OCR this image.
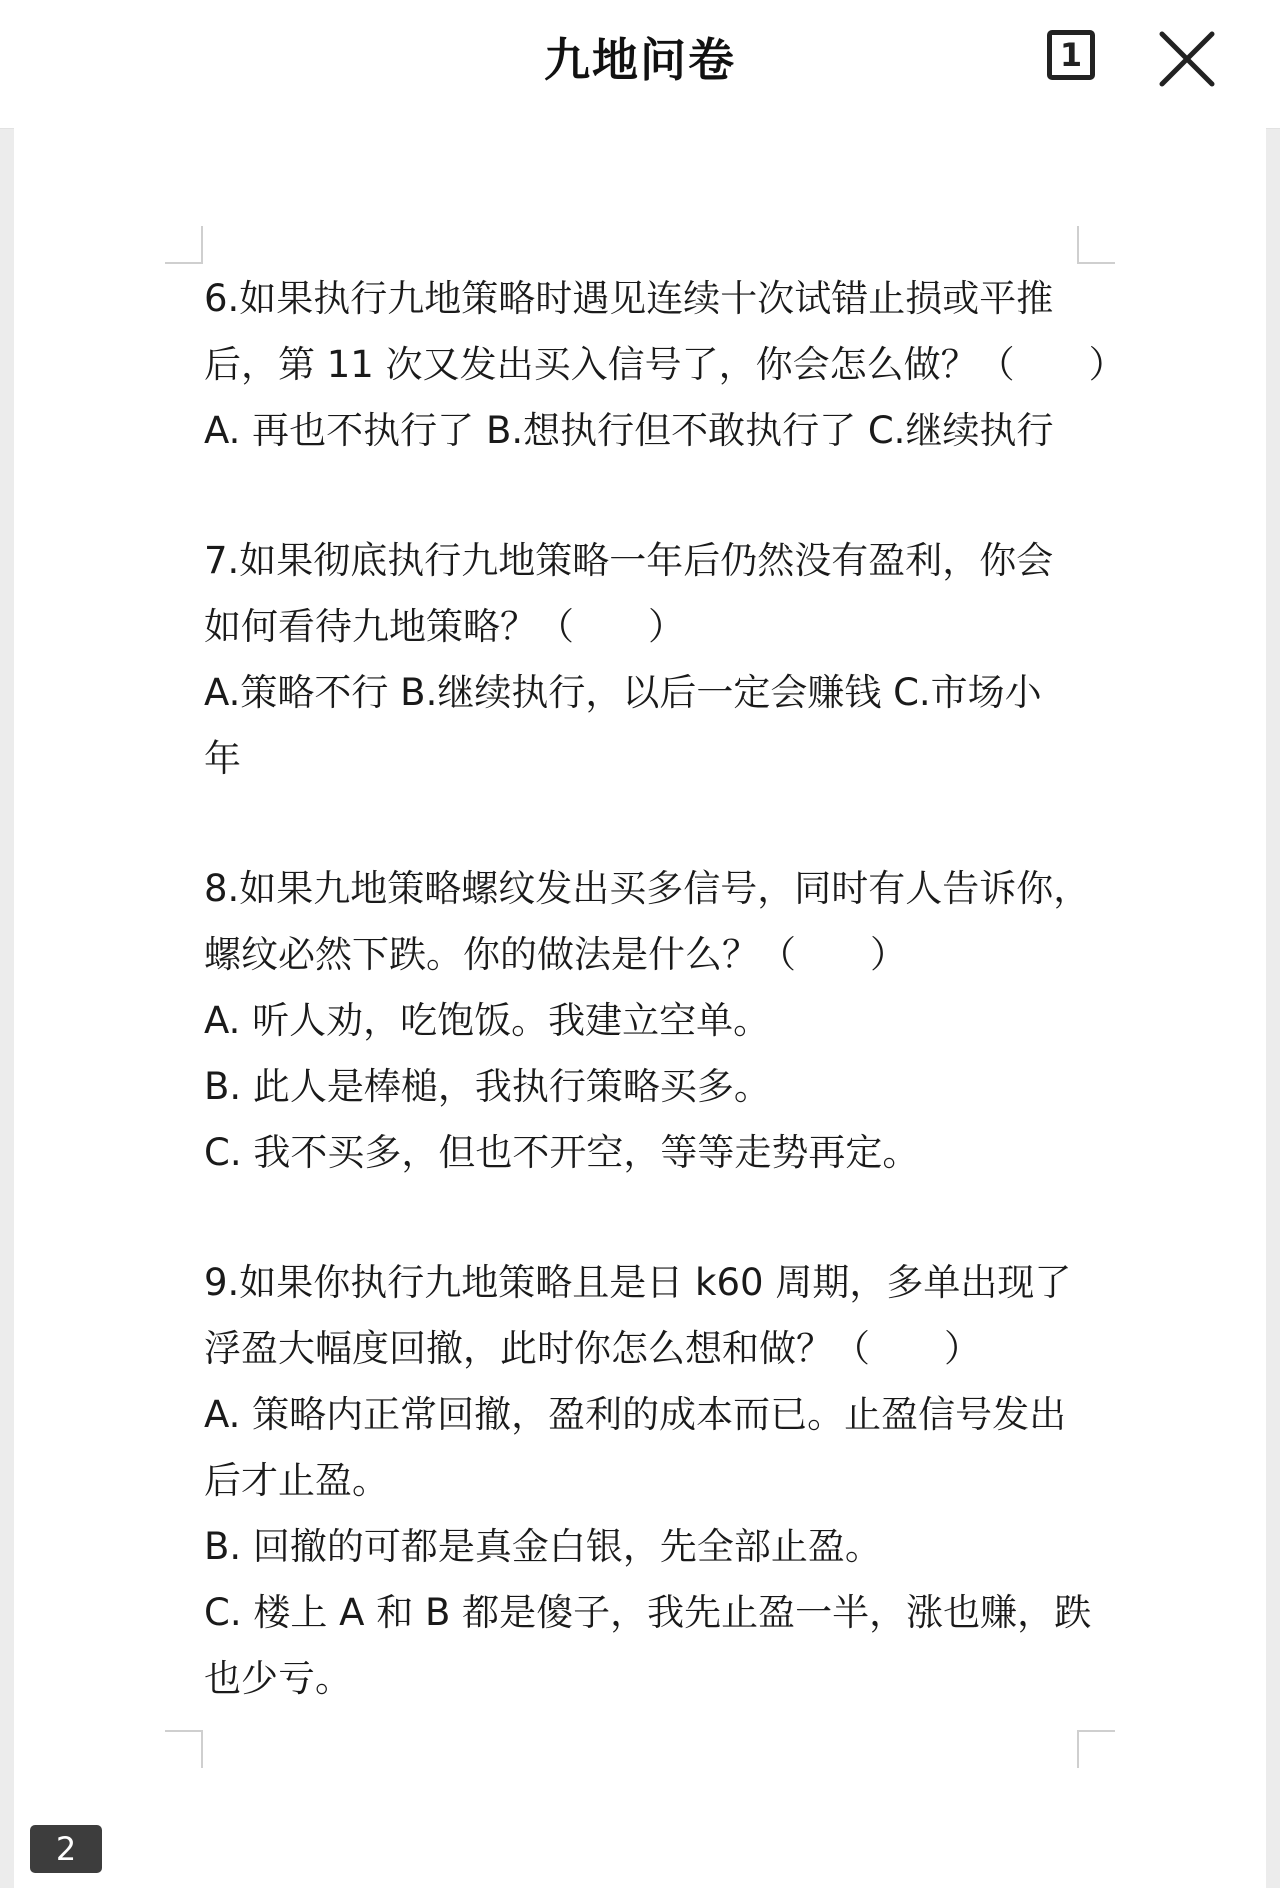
九地问卷	1
6.如果执行九地策略时遇见连续十次试错止损或平推
后，第 11 次又发出买入信号了，你会怎么做？（　　）
A. 再也不执行了 B.想执行但不敢执行了 C.继续执行
7.如果彻底执行九地策略一年后仍然没有盈利，你会
如何看待九地策略？（　　）
A.策略不行 B.继续执行，以后一定会赚钱 C.市场小
年
8.如果九地策略螺纹发出买多信号，同时有人告诉你，
螺纹必然下跌。你的做法是什么？（　　）
A. 听人劝，吃饱饭。我建立空单。
B. 此人是棒槌，我执行策略买多。
C. 我不买多，但也不开空，等等走势再定。
9.如果你执行九地策略且是日 k60 周期，多单出现了
浮盈大幅度回撤，此时你怎么想和做？（　　）
A. 策略内正常回撤，盈利的成本而已。止盈信号发出
后才止盈。
B. 回撤的可都是真金白银，先全部止盈。
C. 楼上 A 和 B 都是傻子，我先止盈一半，涨也赚，跌
也少亏。
2
